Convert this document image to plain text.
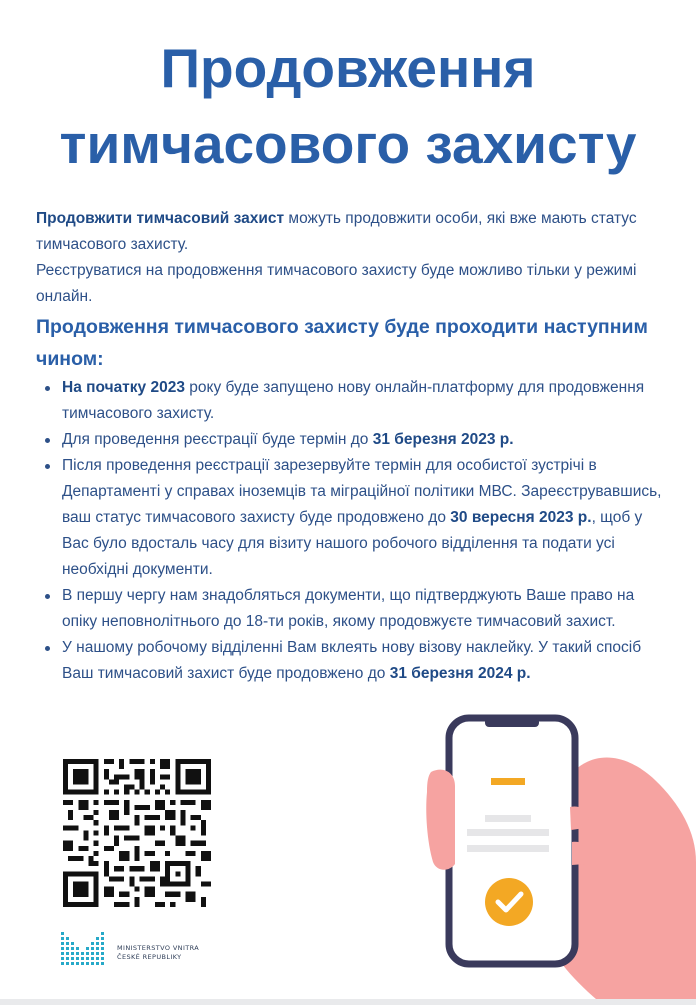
Продовження
тимчасового захисту
Продовжити тимчасовий захист можуть продовжити особи, які вже мають статус тимчасового захисту.
Реєструватися на продовження тимчасового захисту буде можливо тільки у режимі онлайн.
Продовження тимчасового захисту буде проходити наступним чином:
На початку 2023 року буде запущено нову онлайн-платформу для продовження тимчасового захисту.
Для проведення реєстрації буде термін до 31 березня 2023 р.
Після проведення реєстрації зарезервуйте термін для особистої зустрічі в Департаменті у справах іноземців та міграційної політики МВС. Зареєструвавшись, ваш статус тимчасового захисту буде продовжено до 30 вересня 2023 р., щоб у Вас було вдосталь часу для візиту нашого робочого відділення та подати усі необхідні документи.
В першу чергу нам знадобляться документи, що підтверджують Ваше право на опіку неповнолітнього до 18-ти років, якому продовжуєте тимчасовий захист.
У нашому робочому відділенні Вам вклеять нову візову наклейку. У такий спосіб Ваш тимчасовий захист буде продовжено до 31 березня 2024 р.
MINISTERSTVO VNITRA
ČESKÉ REPUBLIKY
